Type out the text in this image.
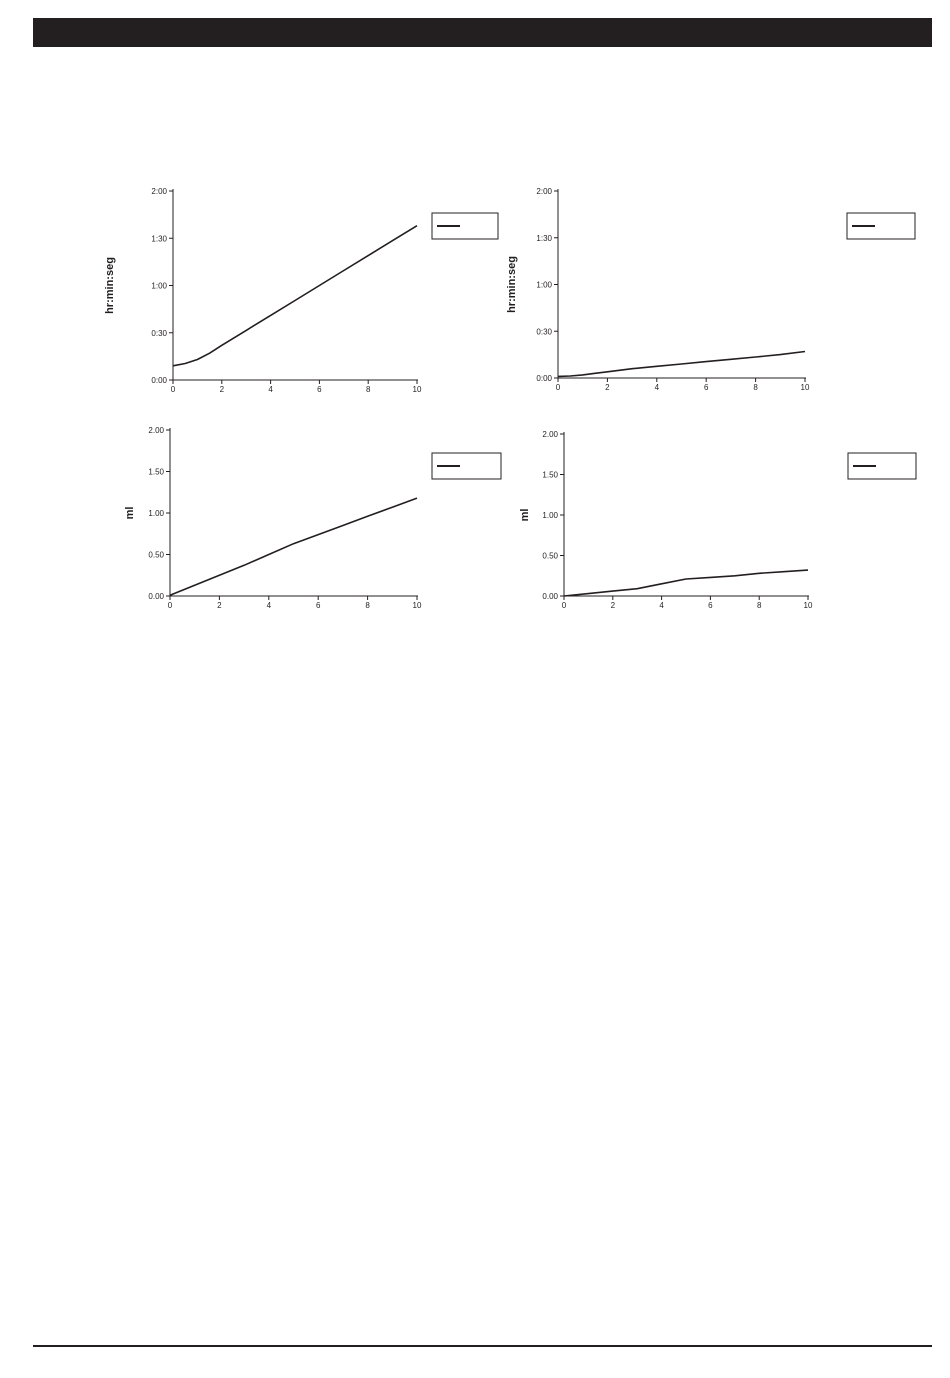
0:00
0:30
1:00
1:30
2:00
0	2	4	6	8	10
hr:min:seg
0:00
0:30
1:00
1:30
2:00
0	2	4	6	8	10
hr:min:seg
0.00
0.50
1.00
1.50
2.00
0	2	4	6	8	10
ml
0.00
0.50
1.00
1.50
2.00
0	2	4	6	8	10
ml
